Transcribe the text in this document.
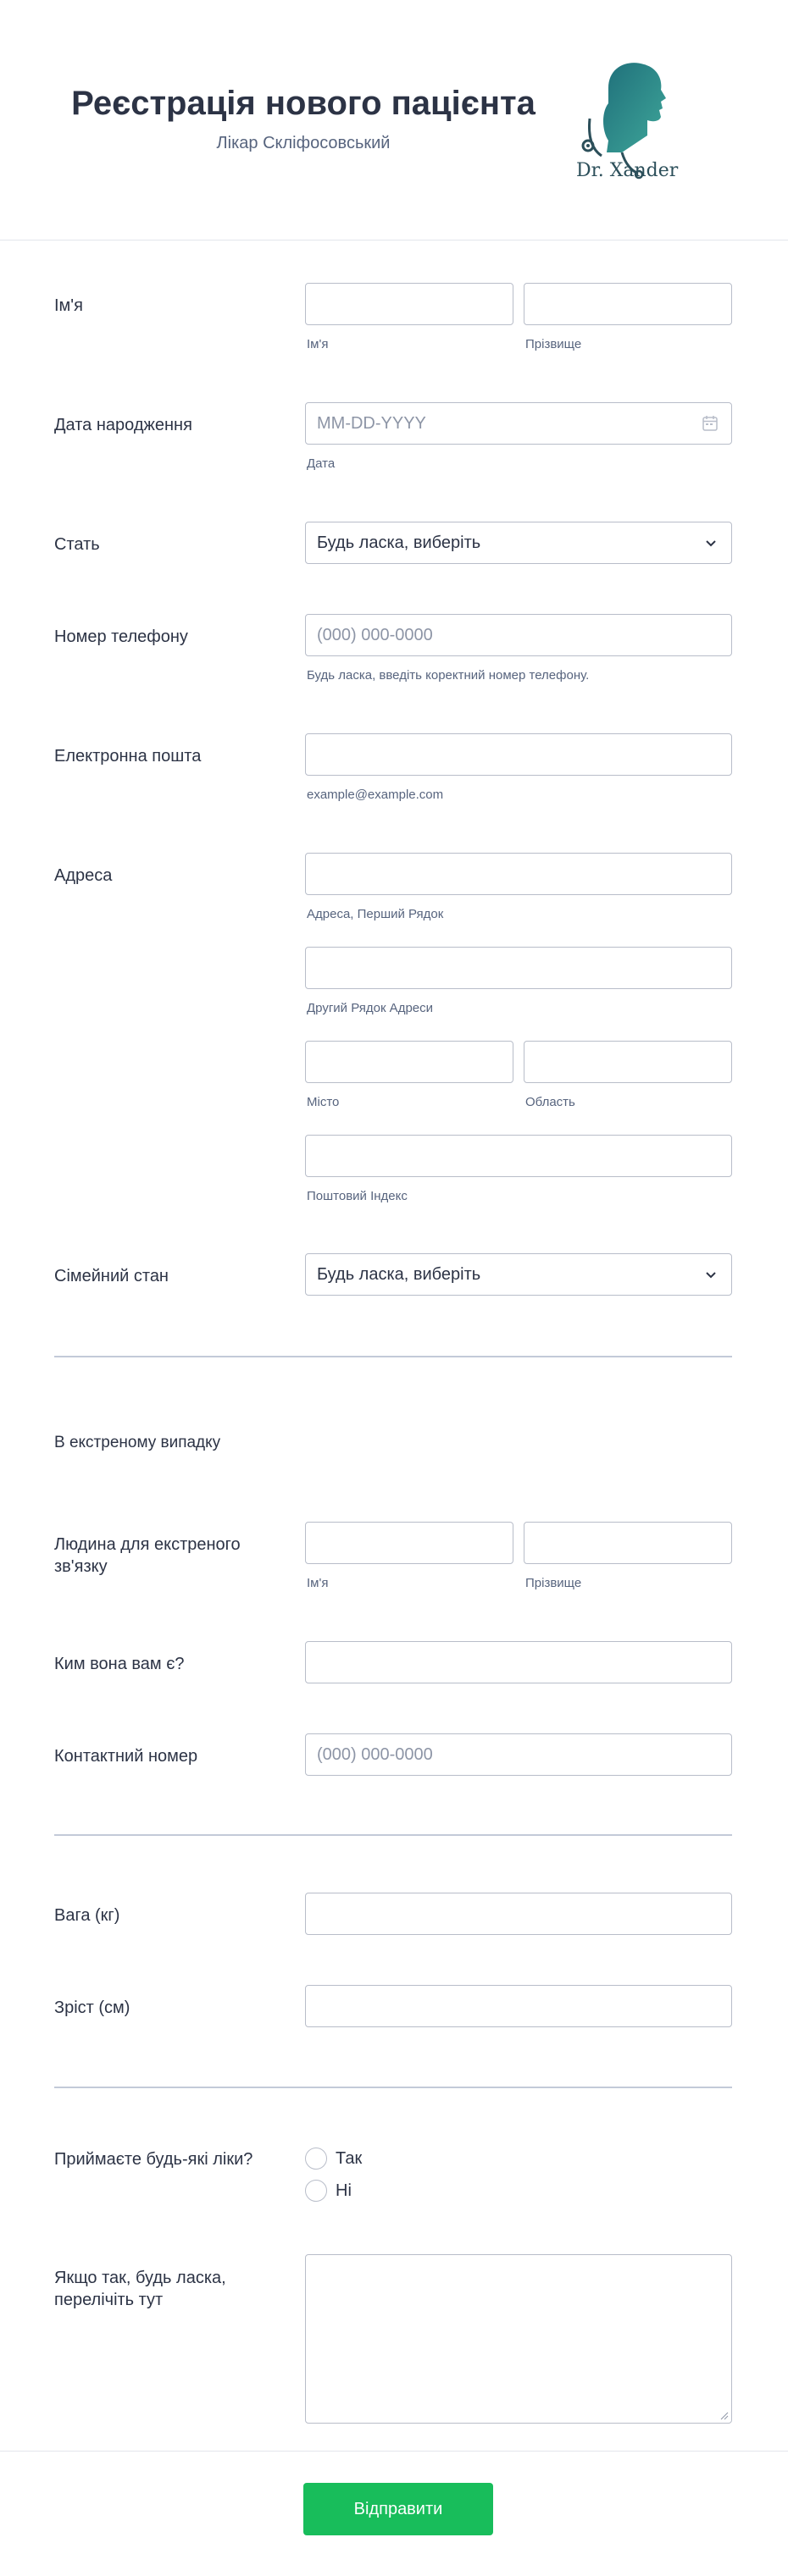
Реєстрація нового пацієнта
Лікар Скліфосовський
Dr. Xander
Ім'я
Ім'я	Прізвище
Дата народження	MM-DD-YYYY
Дата
Стать	Будь ласка, виберіть
Номер телефону	(000) 000-0000
Будь ласка, введіть коректний номер телефону.
Електронна пошта
example@example.com
Адреса
Адреса, Перший Рядок
Другий Рядок Адреси
Місто	Область
Поштовий Індекс
Сімейний стан	Будь ласка, виберіть
В екстреному випадку
Людина для екстреного зв'язку
Ім'я	Прізвище
Ким вона вам є?
Контактний номер	(000) 000-0000
Вага (кг)
Зріст (см)
Приймаєте будь-які ліки?	Так
Ні
Якщо так, будь ласка, перелічіть тут
Відправити
